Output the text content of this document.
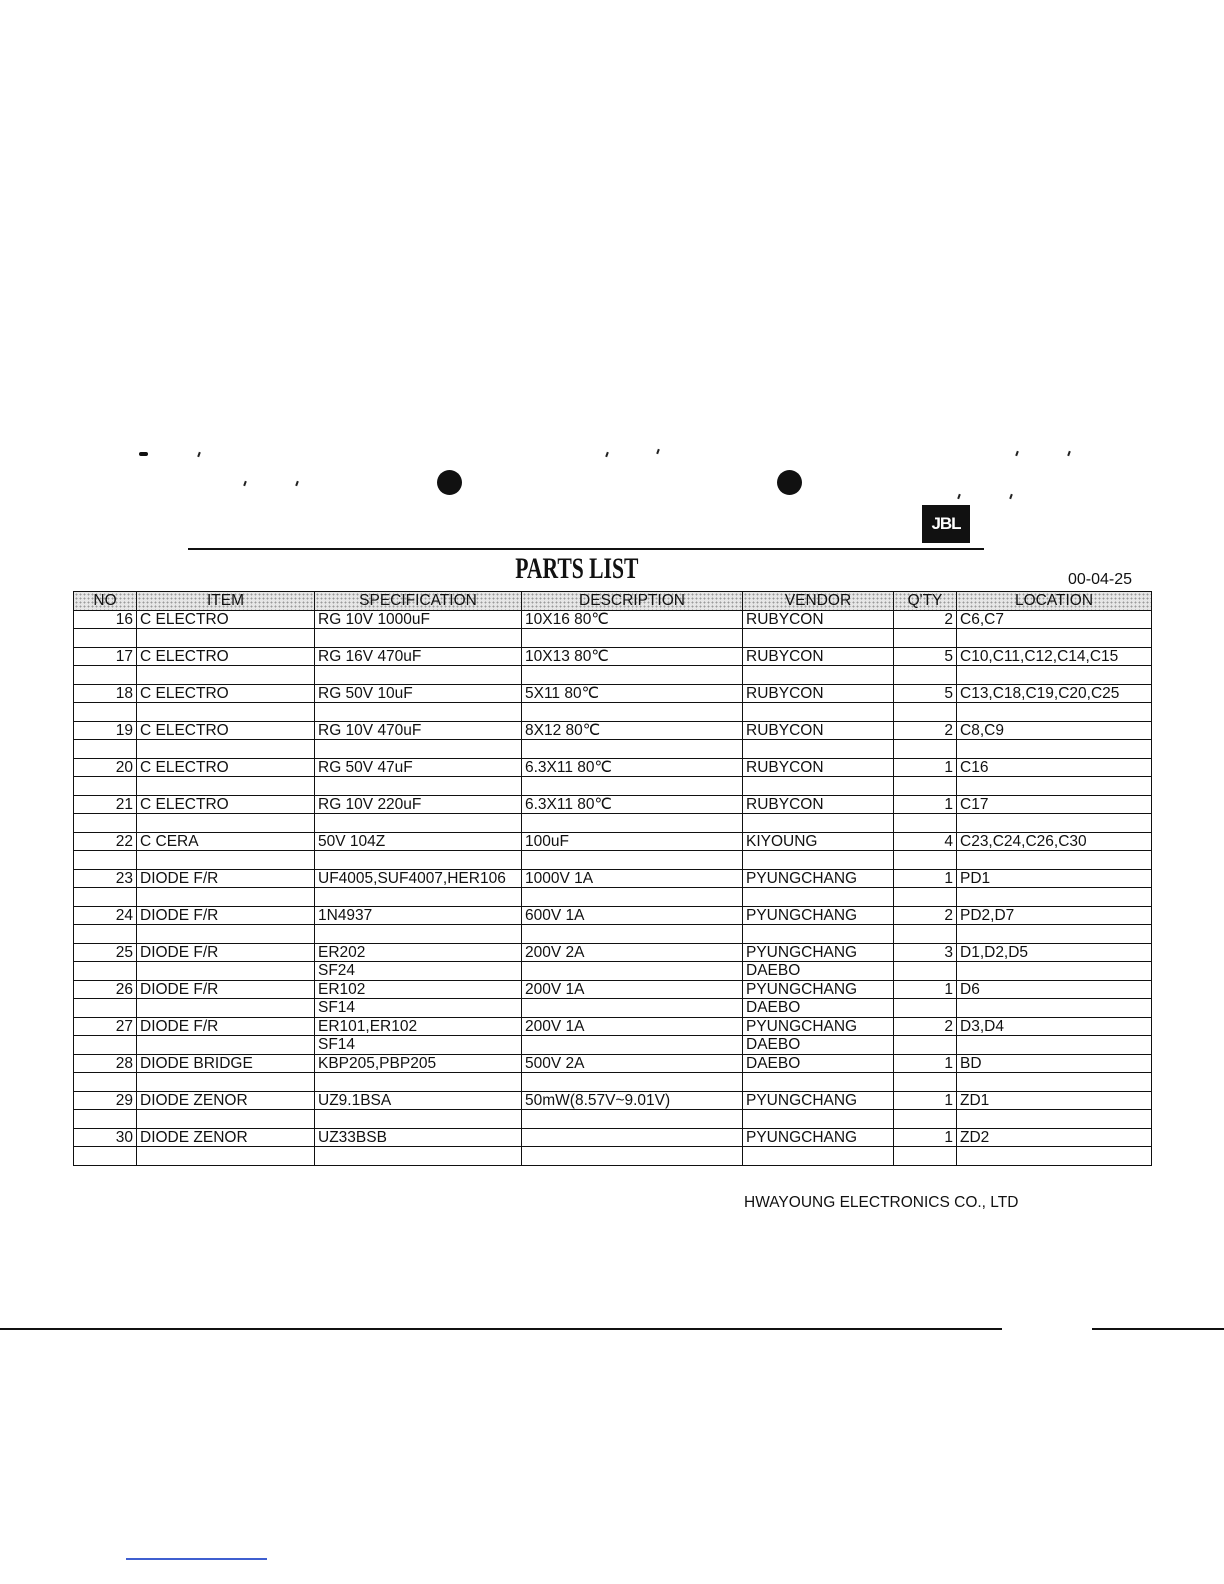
JBL
PARTS LIST	00-04-25
NO	ITEM	SPECIFICATION	DESCRIPTION	VENDOR	Q'TY	LOCATION
16	C ELECTRO	RG 10V 1000uF	10X16 80℃	RUBYCON	2	C6,C7

17	C ELECTRO	RG 16V 470uF	10X13 80℃	RUBYCON	5	C10,C11,C12,C14,C15

18	C ELECTRO	RG 50V 10uF	5X11 80℃	RUBYCON	5	C13,C18,C19,C20,C25

19	C ELECTRO	RG 10V 470uF	8X12 80℃	RUBYCON	2	C8,C9

20	C ELECTRO	RG 50V 47uF	6.3X11 80℃	RUBYCON	1	C16

21	C ELECTRO	RG 10V 220uF	6.3X11 80℃	RUBYCON	1	C17

22	C CERA	50V 104Z	100uF	KIYOUNG	4	C23,C24,C26,C30

23	DIODE F/R	UF4005,SUF4007,HER106	1000V 1A	PYUNGCHANG	1	PD1

24	DIODE F/R	1N4937	600V 1A	PYUNGCHANG	2	PD2,D7

25	DIODE F/R	ER202	200V 2A	PYUNGCHANG	3	D1,D2,D5
		SF24		DAEBO		
26	DIODE F/R	ER102	200V 1A	PYUNGCHANG	1	D6
		SF14		DAEBO		
27	DIODE F/R	ER101,ER102	200V 1A	PYUNGCHANG	2	D3,D4
		SF14		DAEBO		
28	DIODE BRIDGE	KBP205,PBP205	500V 2A	DAEBO	1	BD

29	DIODE ZENOR	UZ9.1BSA	50mW(8.57V~9.01V)	PYUNGCHANG	1	ZD1

30	DIODE ZENOR	UZ33BSB		PYUNGCHANG	1	ZD2

HWAYOUNG ELECTRONICS CO., LTD
